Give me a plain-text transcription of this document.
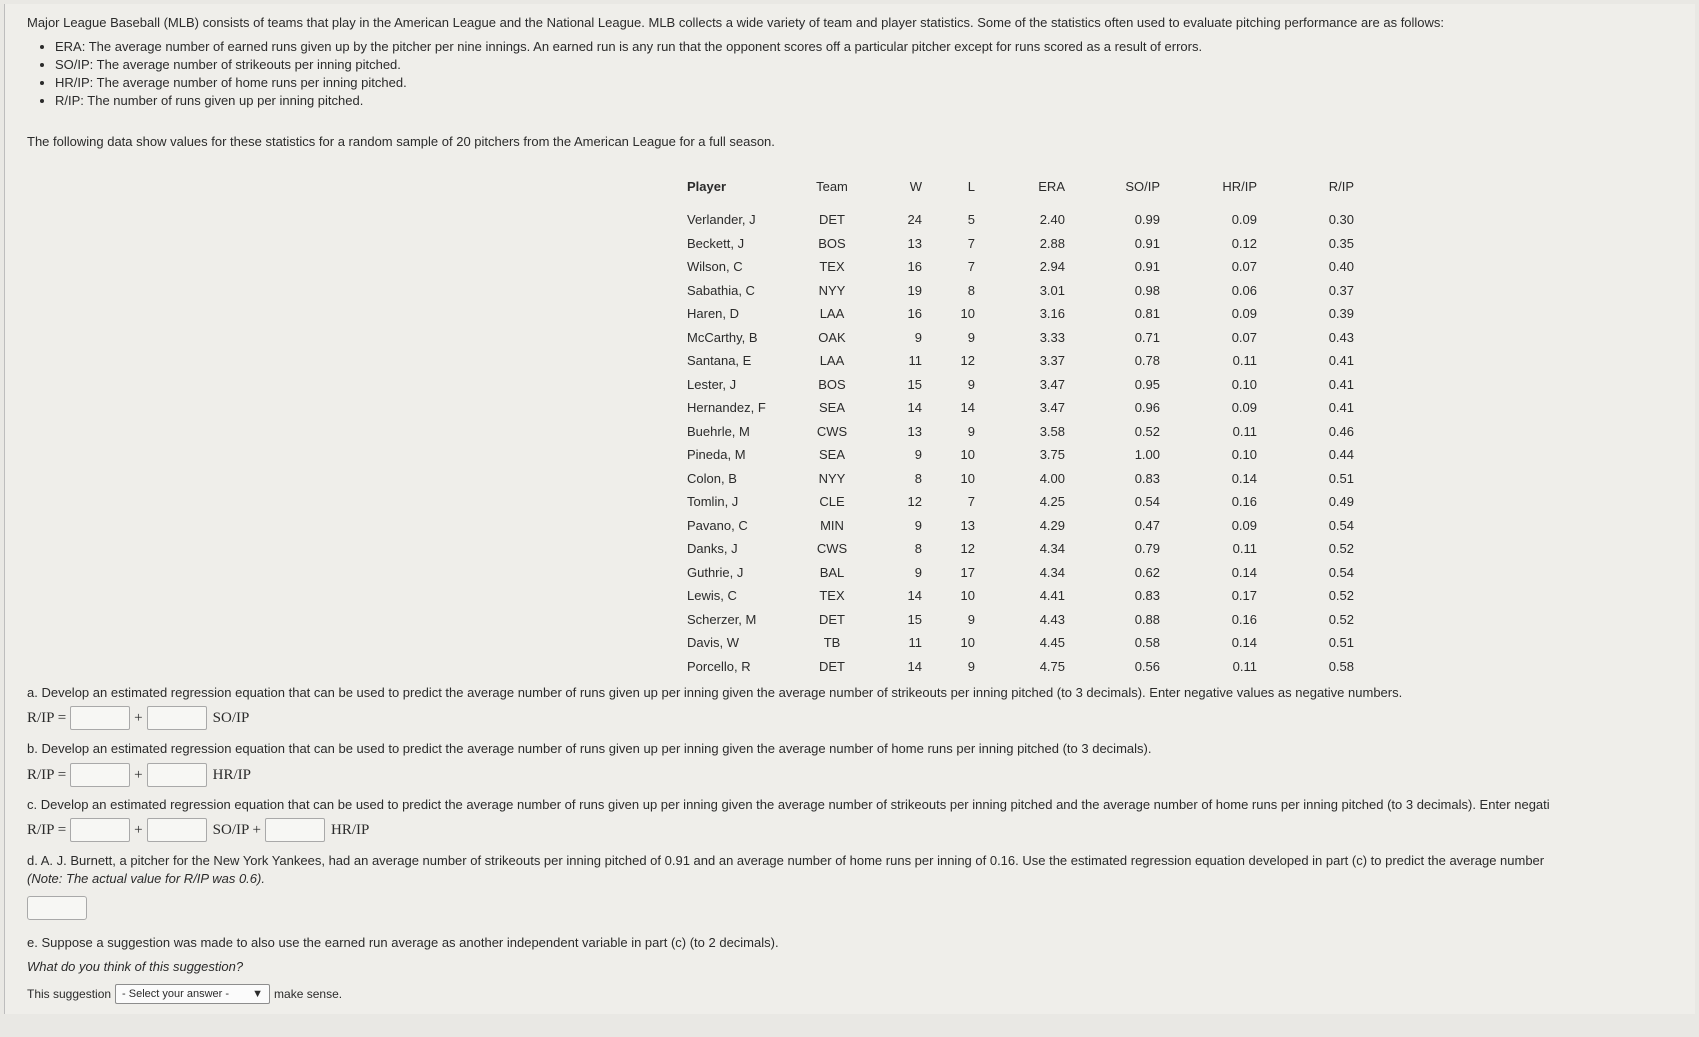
Major League Baseball (MLB) consists of teams that play in the American League and the National League. MLB collects a wide variety of team and player statistics. Some of the statistics often used to evaluate pitching performance are as follows:
• ERA: The average number of earned runs given up by the pitcher per nine innings. An earned run is any run that the opponent scores off a particular pitcher except for runs scored as a result of errors.
• SO/IP: The average number of strikeouts per inning pitched.
• HR/IP: The average number of home runs per inning pitched.
• R/IP: The number of runs given up per inning pitched.
The following data show values for these statistics for a random sample of 20 pitchers from the American League for a full season.
Player	Team	W	L	ERA	SO/IP	HR/IP	R/IP
Verlander, J	DET	24	5	2.40	0.99	0.09	0.30
Beckett, J	BOS	13	7	2.88	0.91	0.12	0.35
Wilson, C	TEX	16	7	2.94	0.91	0.07	0.40
Sabathia, C	NYY	19	8	3.01	0.98	0.06	0.37
Haren, D	LAA	16	10	3.16	0.81	0.09	0.39
McCarthy, B	OAK	9	9	3.33	0.71	0.07	0.43
Santana, E	LAA	11	12	3.37	0.78	0.11	0.41
Lester, J	BOS	15	9	3.47	0.95	0.10	0.41
Hernandez, F	SEA	14	14	3.47	0.96	0.09	0.41
Buehrle, M	CWS	13	9	3.58	0.52	0.11	0.46
Pineda, M	SEA	9	10	3.75	1.00	0.10	0.44
Colon, B	NYY	8	10	4.00	0.83	0.14	0.51
Tomlin, J	CLE	12	7	4.25	0.54	0.16	0.49
Pavano, C	MIN	9	13	4.29	0.47	0.09	0.54
Danks, J	CWS	8	12	4.34	0.79	0.11	0.52
Guthrie, J	BAL	9	17	4.34	0.62	0.14	0.54
Lewis, C	TEX	14	10	4.41	0.83	0.17	0.52
Scherzer, M	DET	15	9	4.43	0.88	0.16	0.52
Davis, W	TB	11	10	4.45	0.58	0.14	0.51
Porcello, R	DET	14	9	4.75	0.56	0.11	0.58
a. Develop an estimated regression equation that can be used to predict the average number of runs given up per inning given the average number of strikeouts per inning pitched (to 3 decimals). Enter negative values as negative numbers.
R/IP =	+	SO/IP
b. Develop an estimated regression equation that can be used to predict the average number of runs given up per inning given the average number of home runs per inning pitched (to 3 decimals).
R/IP =	+	HR/IP
c. Develop an estimated regression equation that can be used to predict the average number of runs given up per inning given the average number of strikeouts per inning pitched and the average number of home runs per inning pitched (to 3 decimals). Enter negati
R/IP =	+	SO/IP +	HR/IP
d. A. J. Burnett, a pitcher for the New York Yankees, had an average number of strikeouts per inning pitched of 0.91 and an average number of home runs per inning of 0.16. Use the estimated regression equation developed in part (c) to predict the average number
(Note: The actual value for R/IP was 0.6).
e. Suppose a suggestion was made to also use the earned run average as another independent variable in part (c) (to 2 decimals).
What do you think of this suggestion?
This suggestion - Select your answer - ▼ make sense.
